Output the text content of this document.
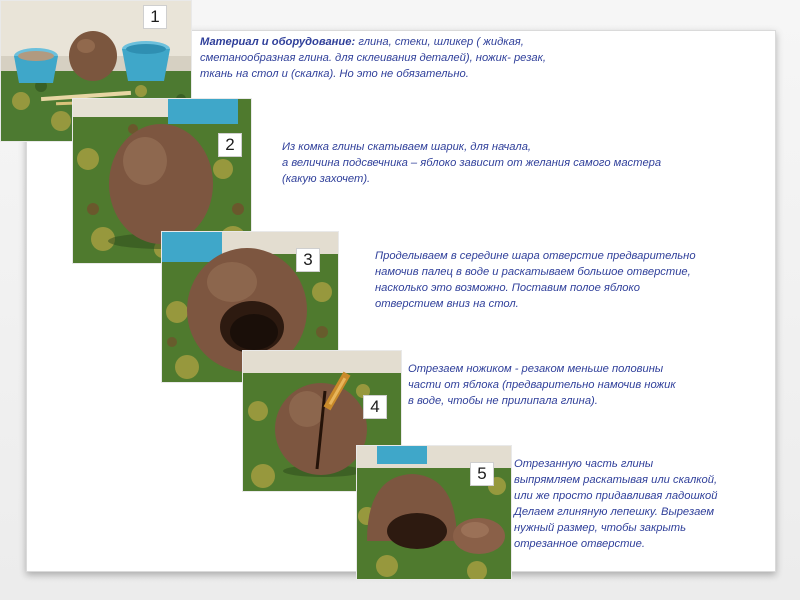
1
2
3
4
5
Материал и оборудование: глина, стеки, шликер ( жидкая,
сметанообразная глина. для склеивания деталей), ножик- резак,
ткань на стол и (скалка). Но это не обязательно.
Из комка глины скатываем шарик, для начала,
а величина подсвечника – яблоко зависит от желания самого мастера
(какую захочет).
Проделываем в середине шара отверстие предварительно
намочив палец в воде и раскатываем большое отверстие,
насколько это возможно. Поставим полое яблоко
отверстием вниз на стол.
Отрезаем ножиком - резаком меньше половины
части от яблока (предварительно намочив ножик
в воде, чтобы не прилипала глина).
Отрезанную часть глины
выпрямляем раскатывая или скалкой,
или же просто придавливая ладошкой
Делаем глиняную лепешку. Вырезаем
нужный размер, чтобы закрыть
отрезанное отверстие.
